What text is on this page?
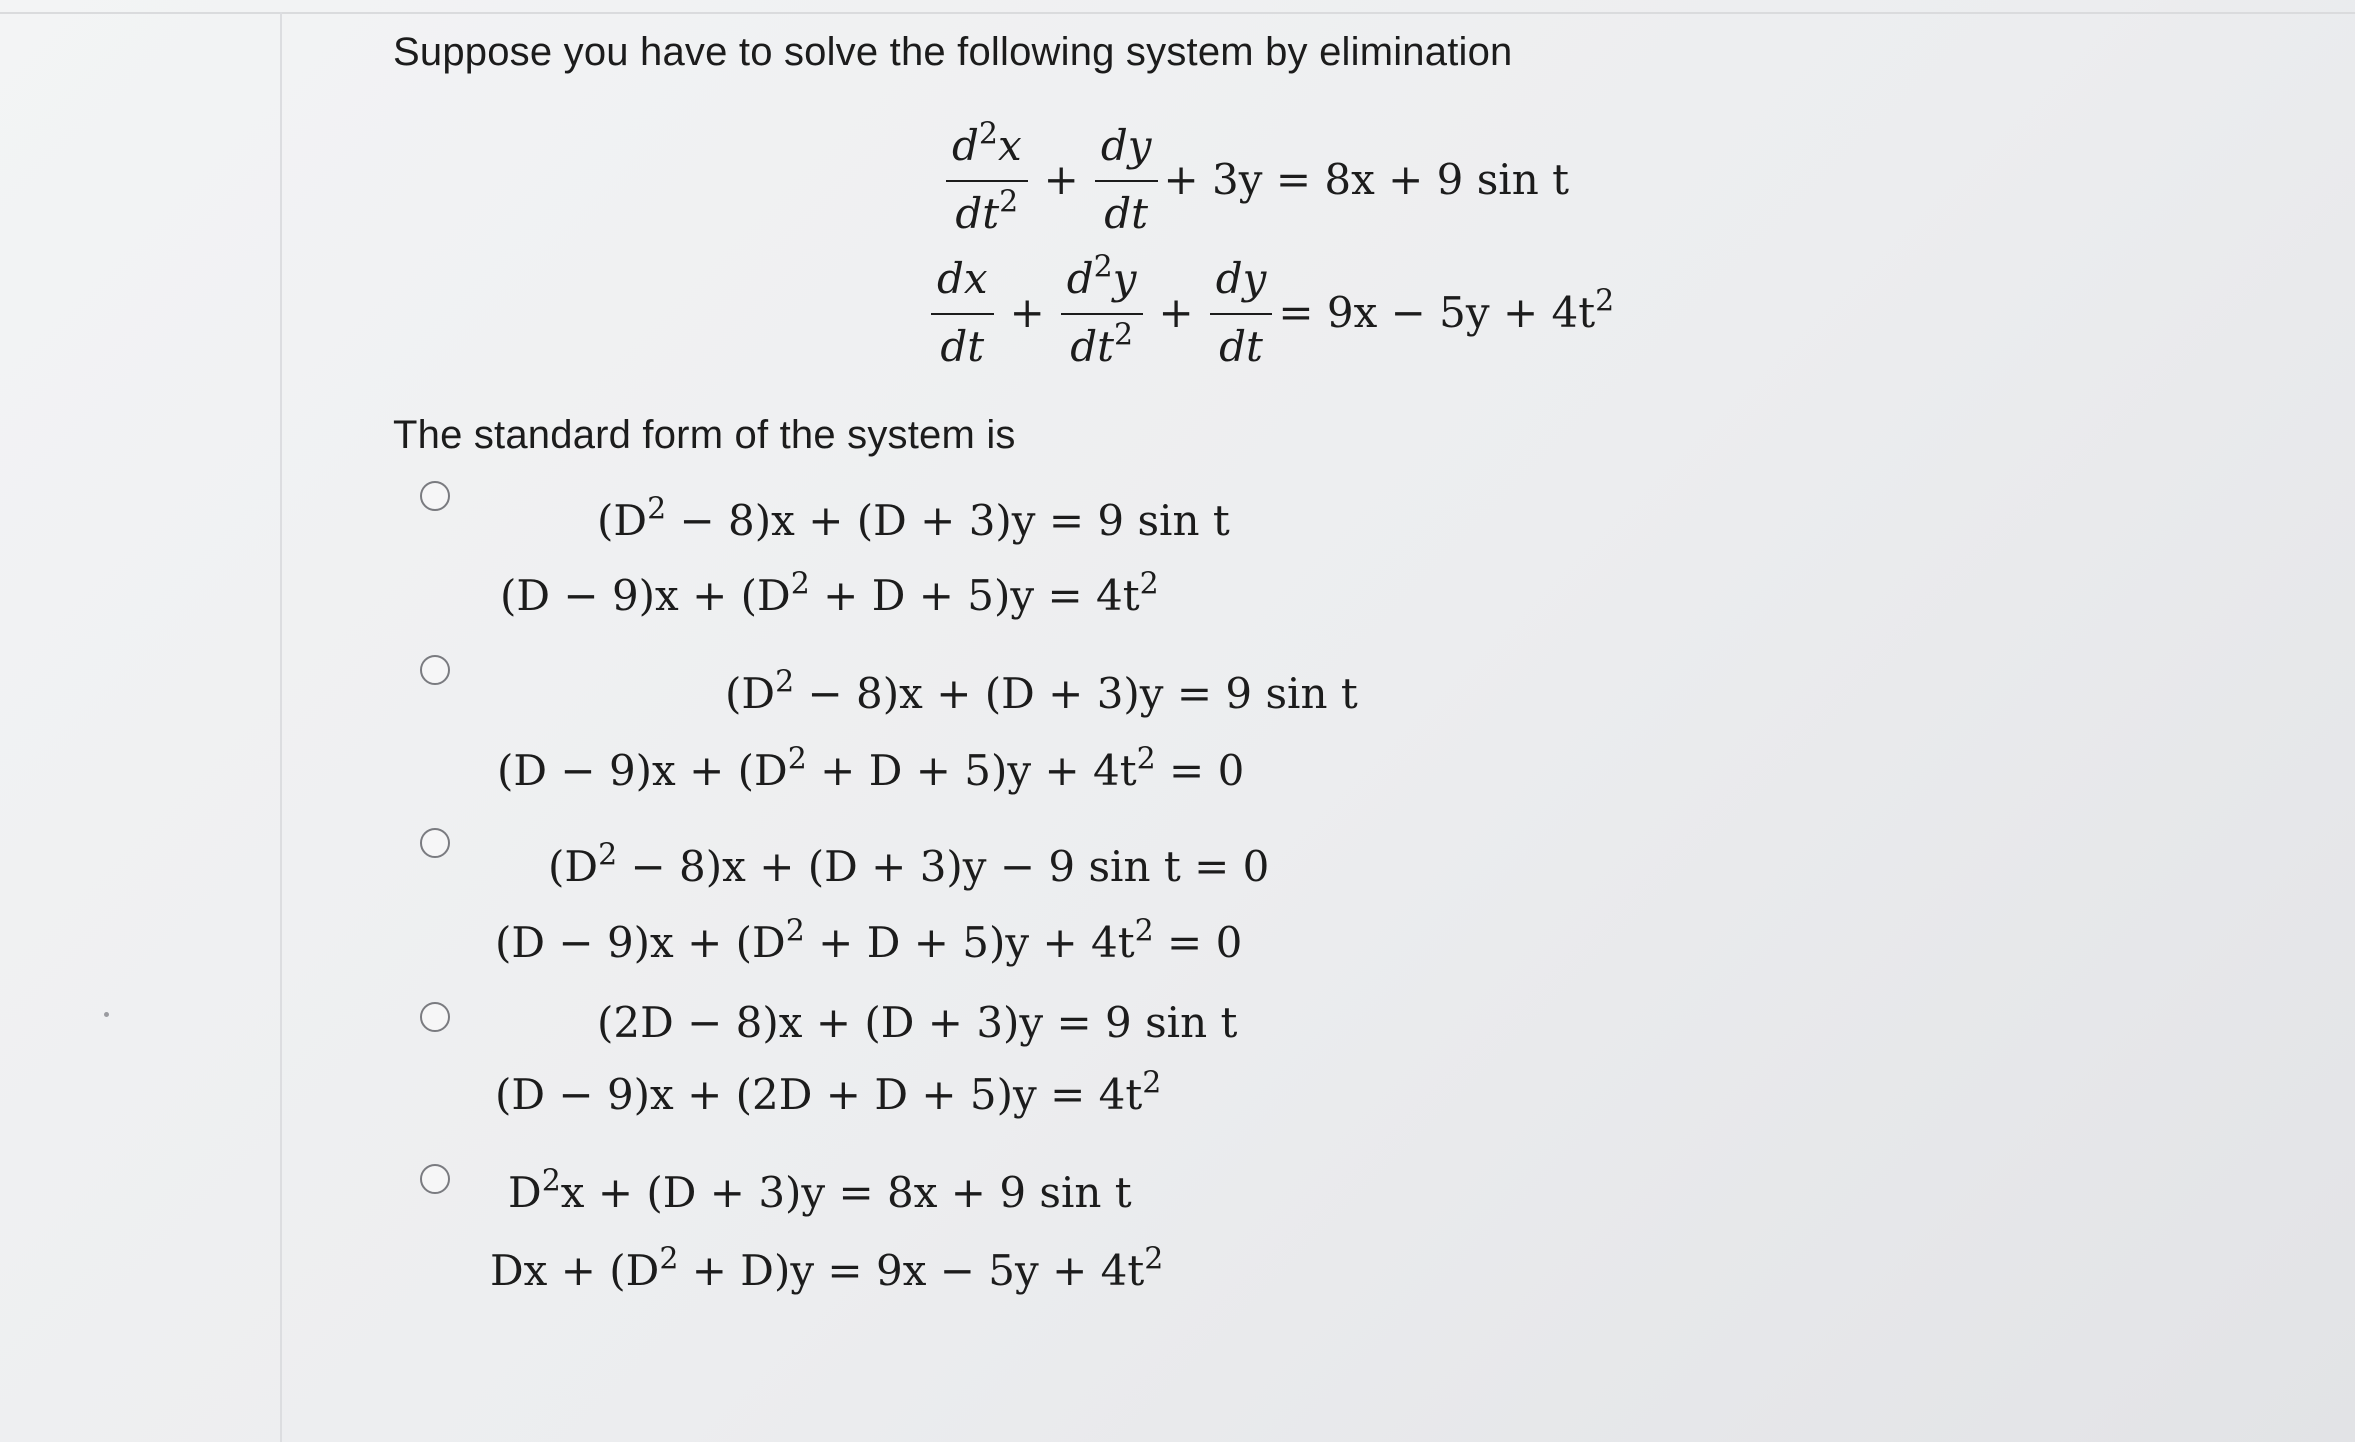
Suppose you have to solve the following system by elimination
$\frac{d^2x}{dt^2} + \frac{dy}{dt} + 3y = 8x + 9$ sin t
$\frac{dx}{dt} + \frac{d^2y}{dt^2} + \frac{dy}{dt} = 9x - 5y + 4t^2$
The standard form of the system is
$(D^2 - 8)x + (D + 3)y = 9$ sin t
$(D - 9)x + (D^2 + D + 5)y = 4t^2$
$(D^2 - 8)x + (D + 3)y = 9$ sin t
$(D - 9)x + (D^2 + D + 5)y + 4t^2 = 0$
$(D^2 - 8)x + (D + 3)y - 9$ sin t = 0
$(D - 9)x + (D^2 + D + 5)y + 4t^2 = 0$
(2D − 8)x + (D + 3)y = 9 sin t
$(D - 9)x + (2D + D + 5)y = 4t^2$
$D^2x + (D + 3)y = 8x + 9$ sin t
$Dx + (D^2 + D)y = 9x - 5y + 4t^2$
